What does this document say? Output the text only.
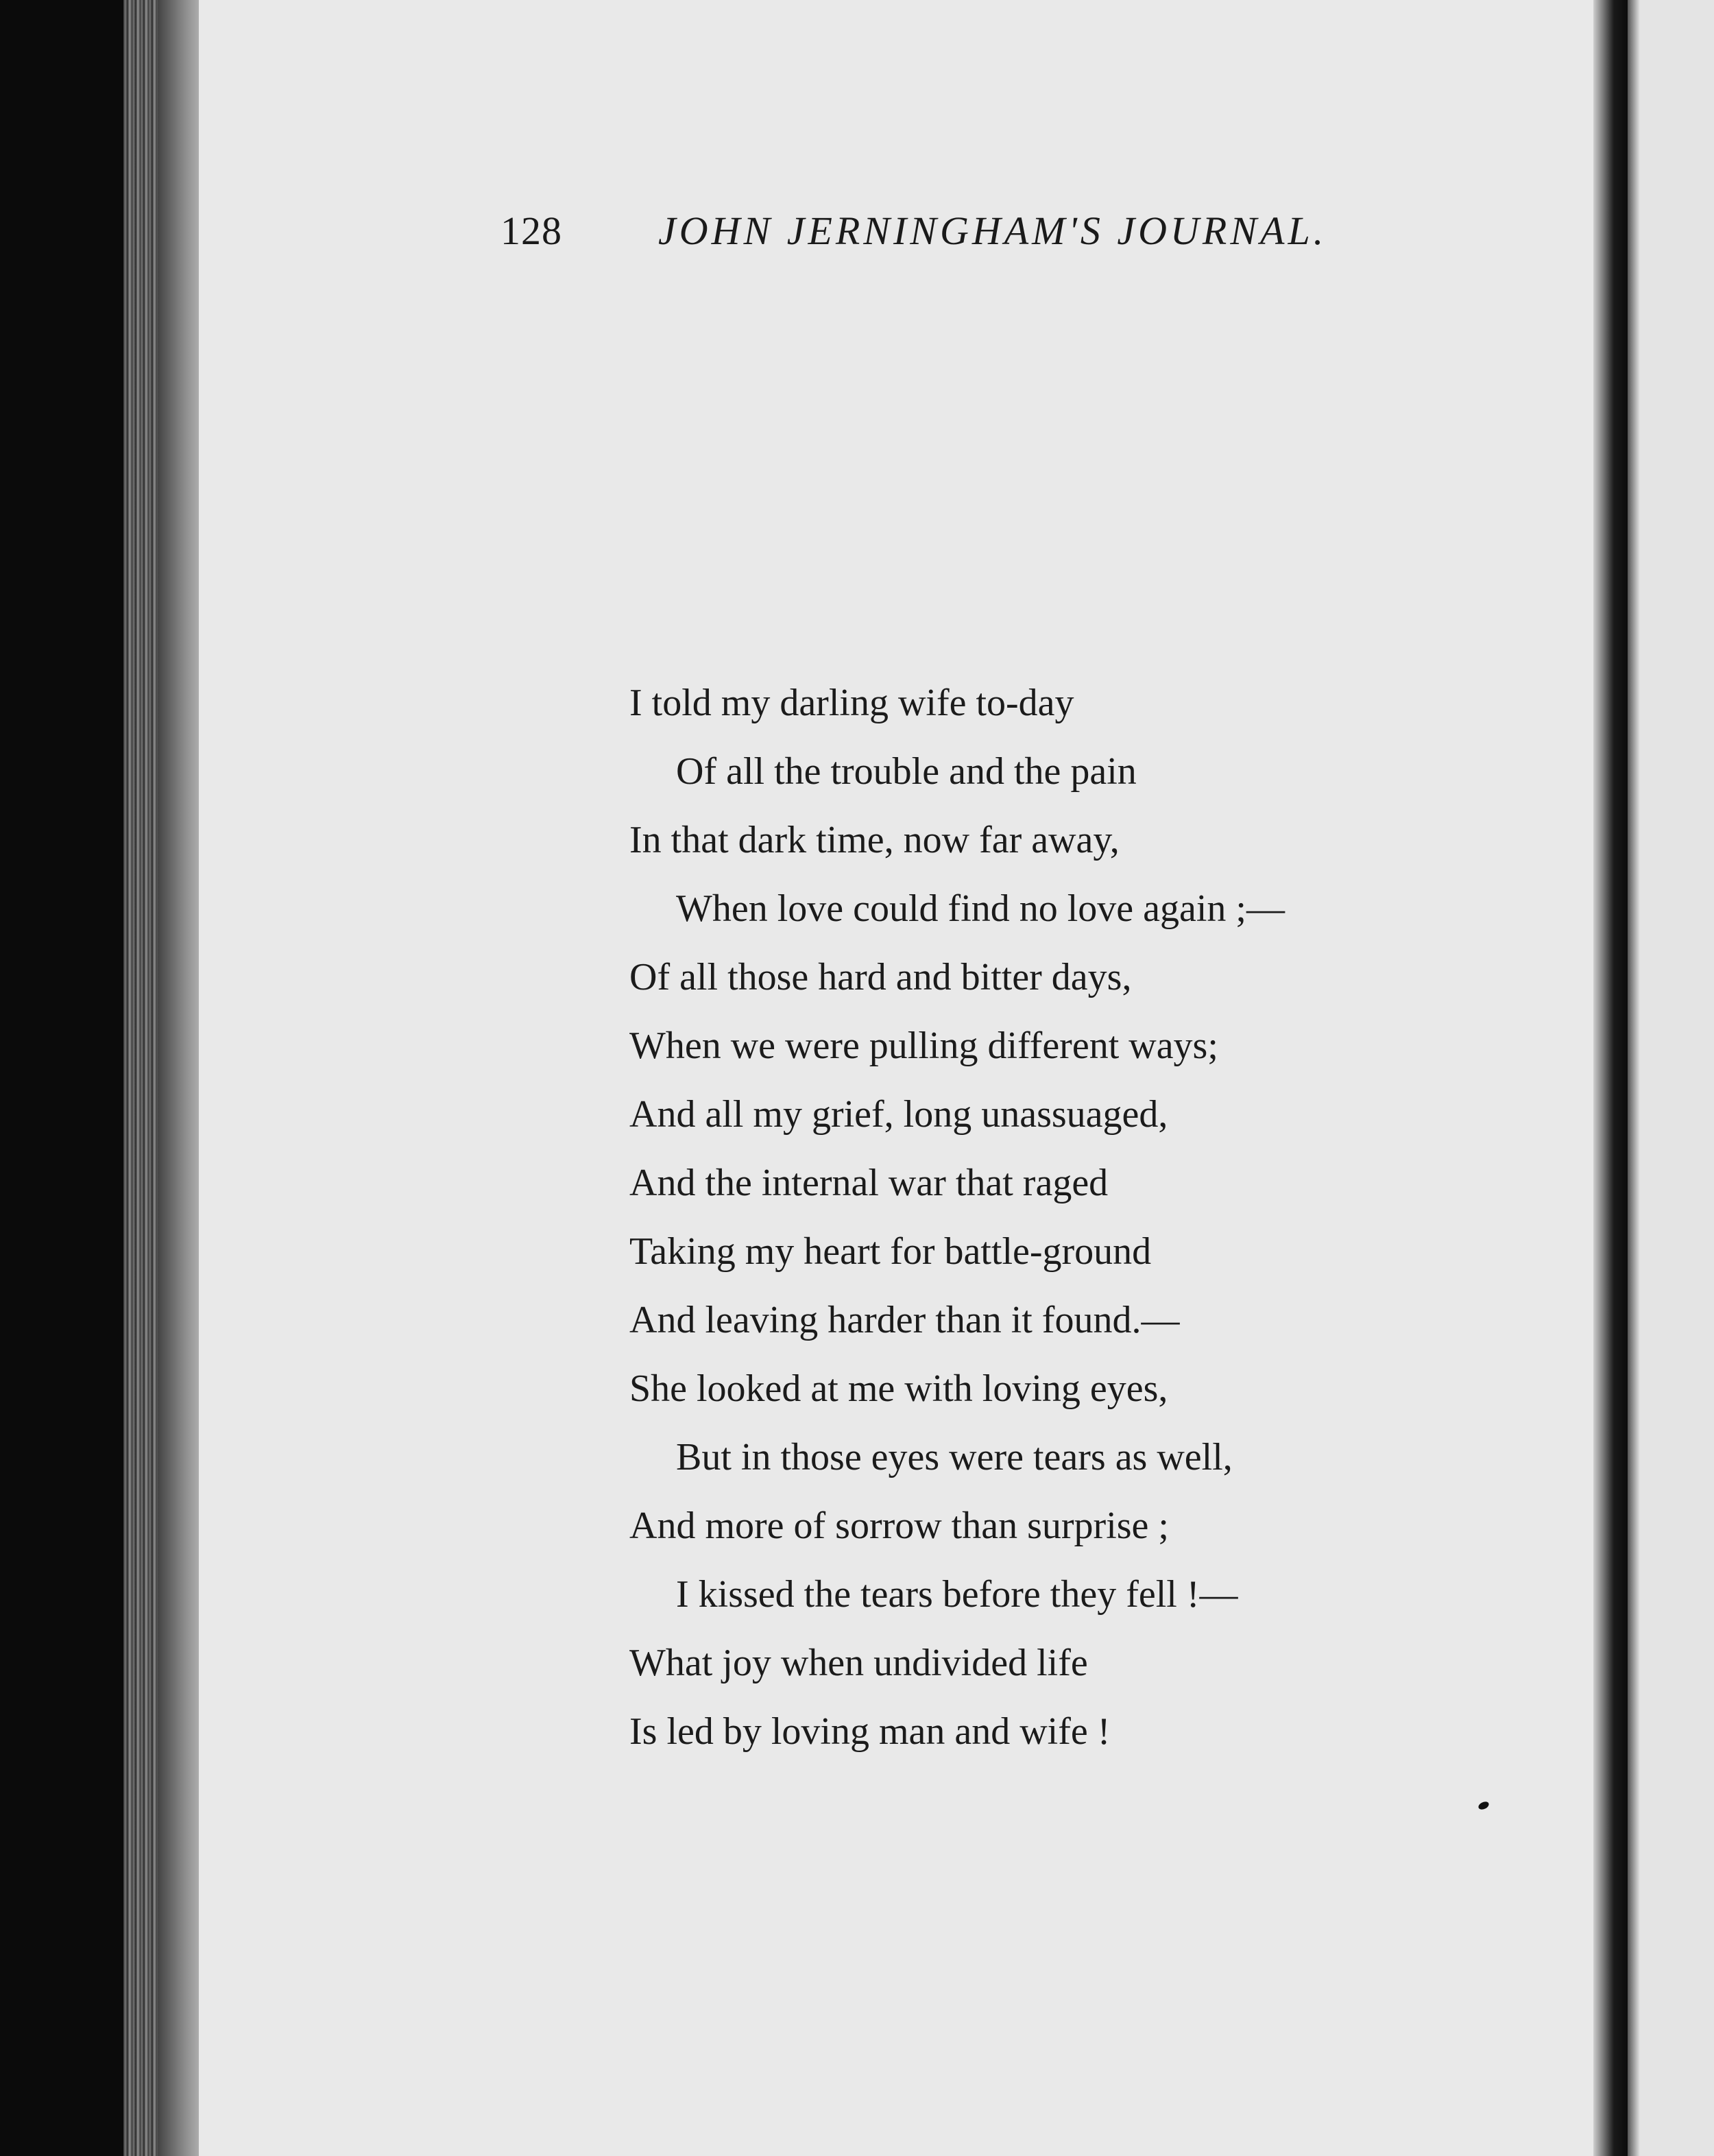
128 JOHN JERNINGHAM'S JOURNAL.
I told my darling wife to-day
Of all the trouble and the pain
In that dark time, now far away,
When love could find no love again ;—
Of all those hard and bitter days,
When we were pulling different ways;
And all my grief, long unassuaged,
And the internal war that raged
Taking my heart for battle-ground
And leaving harder than it found.—
She looked at me with loving eyes,
But in those eyes were tears as well,
And more of sorrow than surprise ;
I kissed the tears before they fell !—
What joy when undivided life
Is led by loving man and wife !
